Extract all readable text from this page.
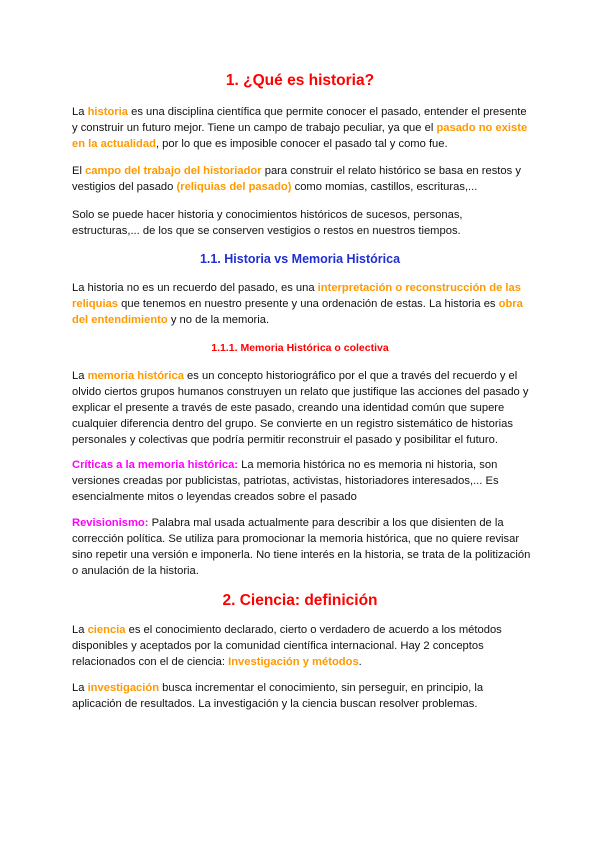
1. ¿Qué es historia?

La historia es una disciplina científica que permite conocer el pasado, entender el presente y construir un futuro mejor. Tiene un campo de trabajo peculiar, ya que el pasado no existe en la actualidad, por lo que es imposible conocer el pasado tal y como fue.

El campo del trabajo del historiador para construir el relato histórico se basa en restos y vestigios del pasado (reliquias del pasado) como momias, castillos, escrituras,...

Solo se puede hacer historia y conocimientos históricos de sucesos, personas, estructuras,... de los que se conserven vestigios o restos en nuestros tiempos.

1.1. Historia vs Memoria Histórica

La historia no es un recuerdo del pasado, es una interpretación o reconstrucción de las reliquias que tenemos en nuestro presente y una ordenación de estas. La historia es obra del entendimiento y no de la memoria.

1.1.1. Memoria Histórica o colectiva

La memoria histórica es un concepto historiográfico por el que a través del recuerdo y el olvido ciertos grupos humanos construyen un relato que justifique las acciones del pasado y explicar el presente a través de este pasado, creando una identidad común que supere cualquier diferencia dentro del grupo. Se convierte en un registro sistemático de historias personales y colectivas que podría permitir reconstruir el pasado y posibilitar el futuro.

Críticas a la memoria histórica: La memoria histórica no es memoria ni historia, son versiones creadas por publicistas, patriotas, activistas, historiadores interesados,... Es esencialmente mitos o leyendas creados sobre el pasado

Revisionismo: Palabra mal usada actualmente para describir a los que disienten de la corrección política. Se utiliza para promocionar la memoria histórica, que no quiere revisar sino repetir una versión e imponerla. No tiene interés en la historia, se trata de la politización o anulación de la historia.

2. Ciencia: definición

La ciencia es el conocimiento declarado, cierto o verdadero de acuerdo a los métodos disponibles y aceptados por la comunidad científica internacional. Hay 2 conceptos relacionados con el de ciencia: Investigación y métodos.

La investigación busca incrementar el conocimiento, sin perseguir, en principio, la aplicación de resultados. La investigación y la ciencia buscan resolver problemas.
